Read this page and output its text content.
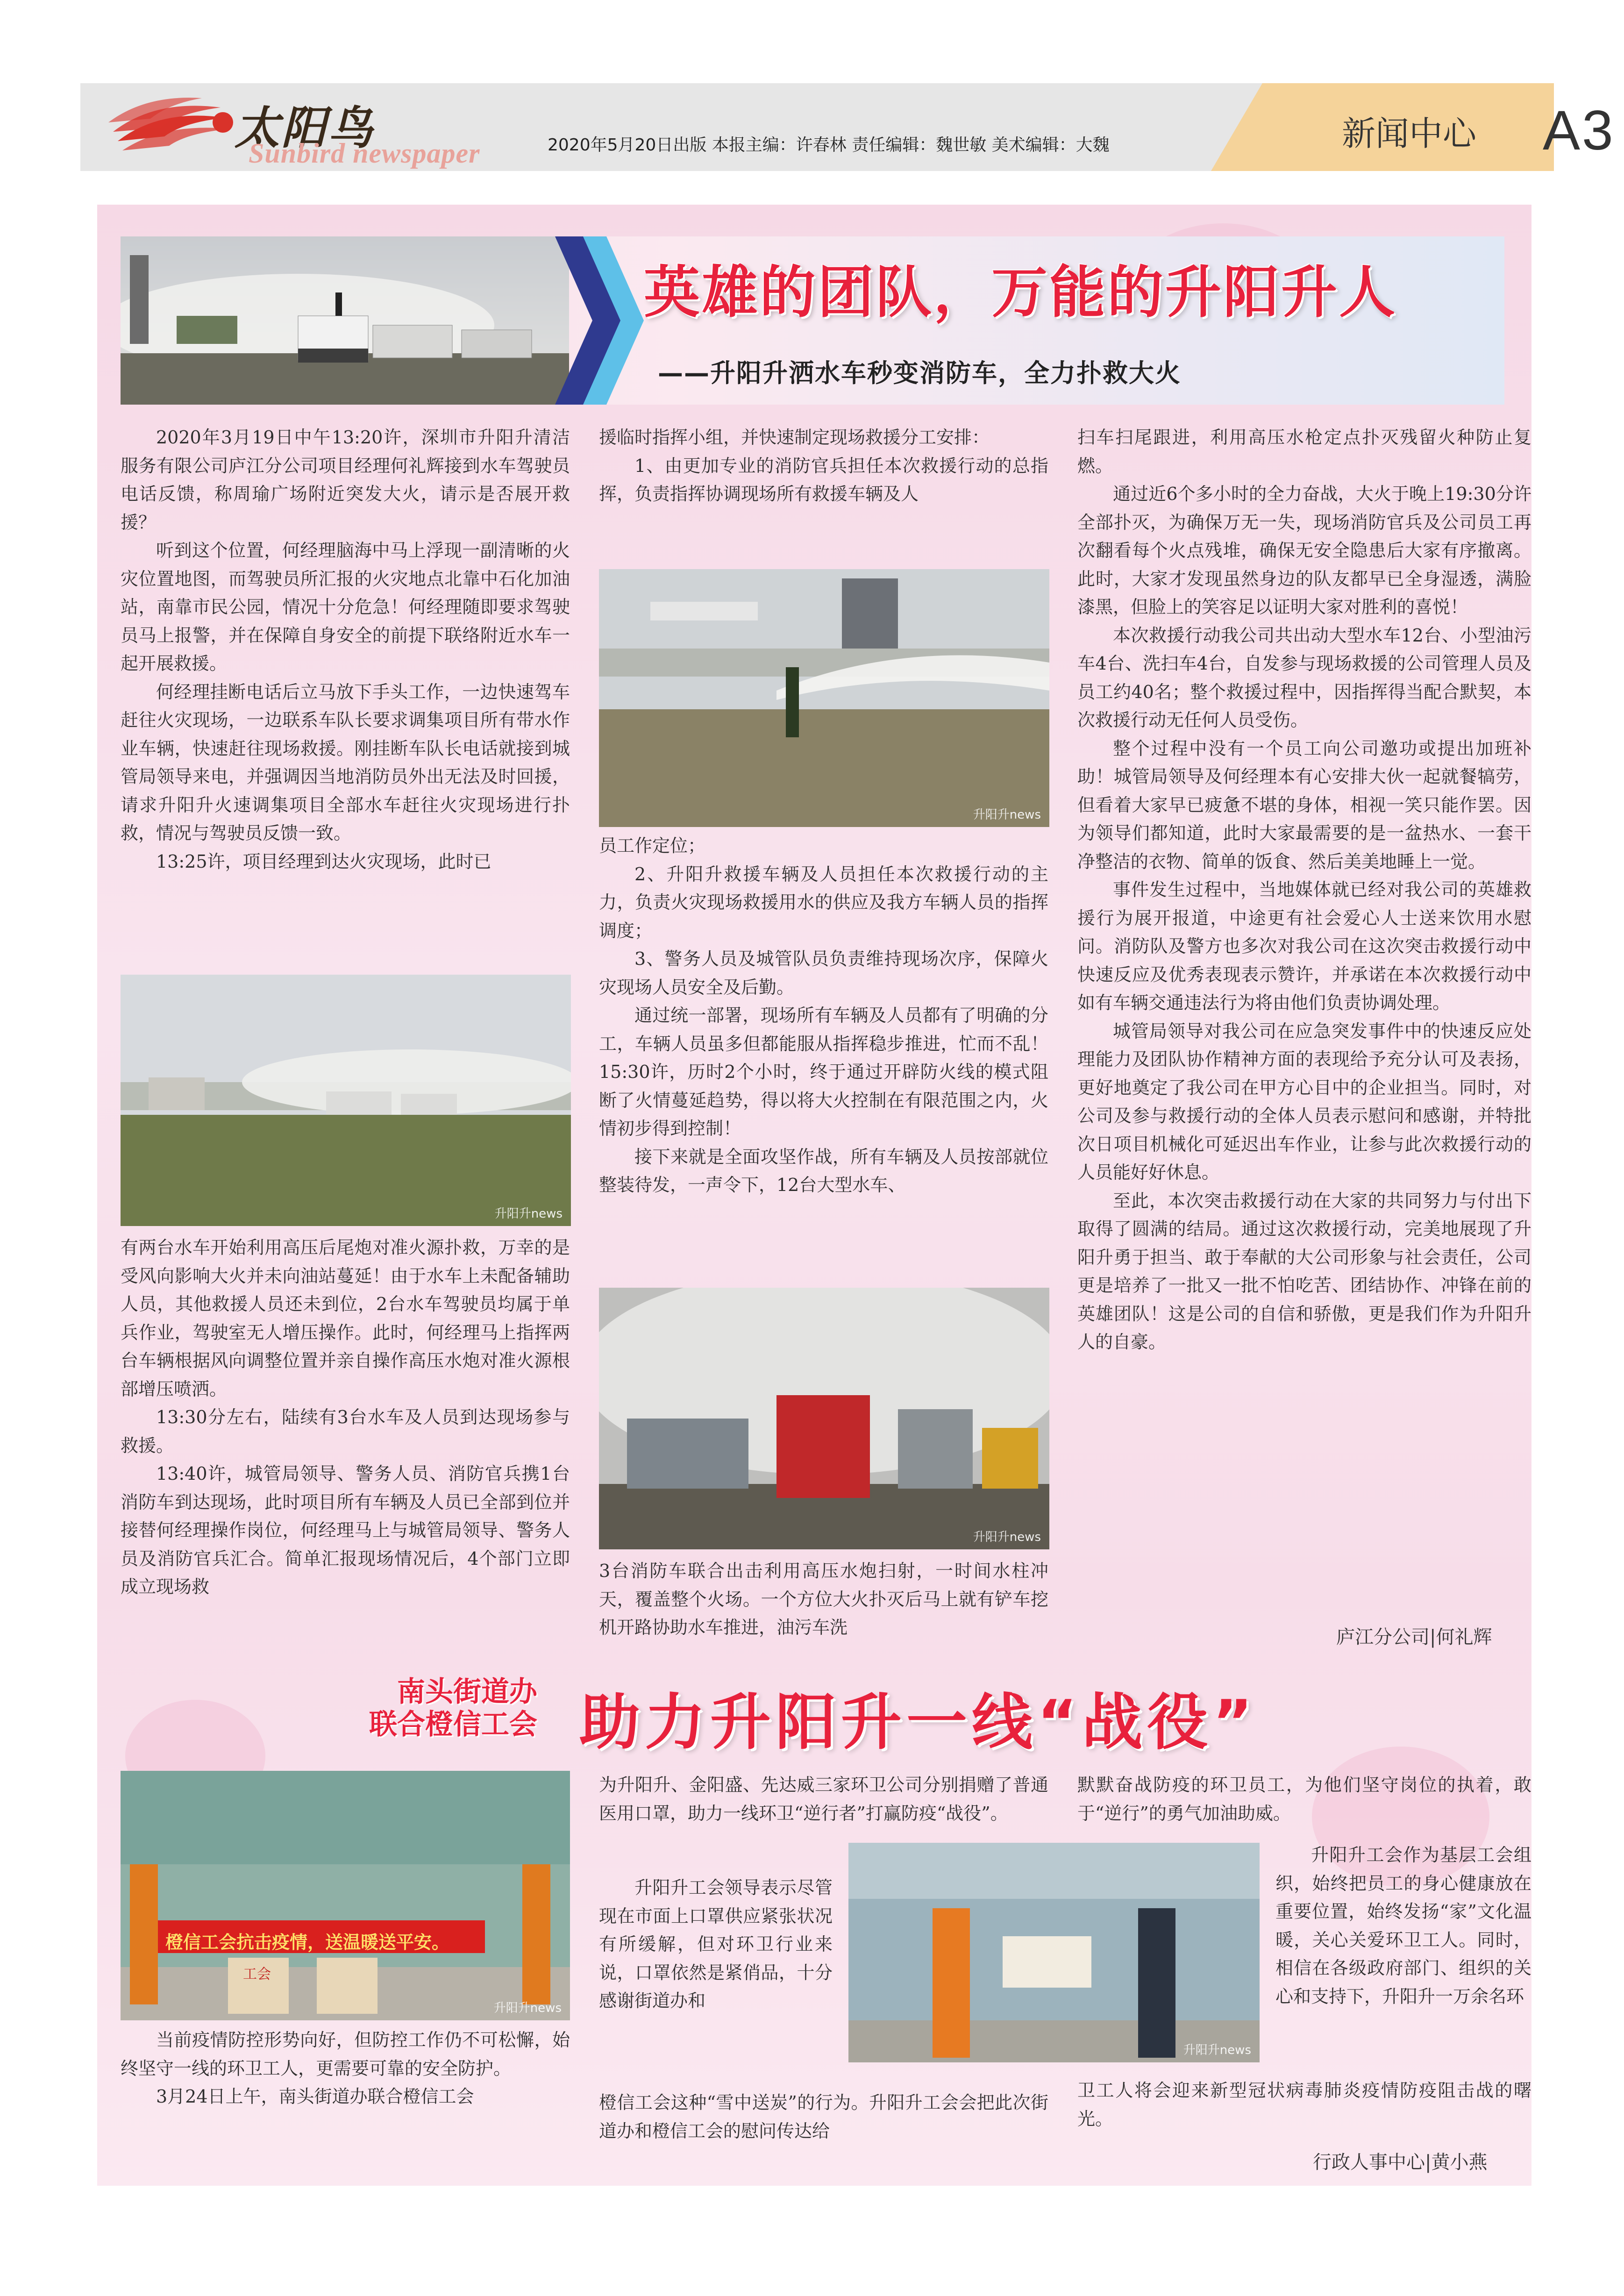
太阳鸟
Sunbird newspaper	2020年5月20日出版 本报主编：许春林 责任编辑：魏世敏 美术编辑：大魏	新闻中心 A3
英雄的团队，万能的升阳升人
——升阳升洒水车秒变消防车，全力扑救大火

2020年3月19日中午13:20许，深圳市升阳升清洁服务有限公司庐江分公司项目经理何礼辉接到水车驾驶员电话反馈，称周瑜广场附近突发大火，请示是否展开救援？

听到这个位置，何经理脑海中马上浮现一副清晰的火灾位置地图，而驾驶员所汇报的火灾地点北靠中石化加油站，南靠市民公园，情况十分危急！何经理随即要求驾驶员马上报警，并在保障自身安全的前提下联络附近水车一起开展救援。

何经理挂断电话后立马放下手头工作，一边快速驾车赶往火灾现场，一边联系车队长要求调集项目所有带水作业车辆，快速赶往现场救援。刚挂断车队长电话就接到城管局领导来电，并强调因当地消防员外出无法及时回援，请求升阳升火速调集项目全部水车赶往火灾现场进行扑救，情况与驾驶员反馈一致。

13:25许，项目经理到达火灾现场，此时已

升阳升news

有两台水车开始利用高压后尾炮对准火源扑救，万幸的是受风向影响大火并未向油站蔓延！由于水车上未配备辅助人员，其他救援人员还未到位，2台水车驾驶员均属于单兵作业，驾驶室无人增压操作。此时，何经理马上指挥两台车辆根据风向调整位置并亲自操作高压水炮对准火源根部增压喷洒。

13:30分左右，陆续有3台水车及人员到达现场参与救援。

13:40许，城管局领导、警务人员、消防官兵携1台消防车到达现场，此时项目所有车辆及人员已全部到位并接替何经理操作岗位，何经理马上与城管局领导、警务人员及消防官兵汇合。简单汇报现场情况后，4个部门立即成立现场救

援临时指挥小组，并快速制定现场救援分工安排：

1、由更加专业的消防官兵担任本次救援行动的总指挥，负责指挥协调现场所有救援车辆及人

升阳升news

员工作定位；

2、升阳升救援车辆及人员担任本次救援行动的主力，负责火灾现场救援用水的供应及我方车辆人员的指挥调度；

3、警务人员及城管队员负责维持现场次序，保障火灾现场人员安全及后勤。

通过统一部署，现场所有车辆及人员都有了明确的分工，车辆人员虽多但都能服从指挥稳步推进，忙而不乱！15:30许，历时2个小时，终于通过开辟防火线的模式阻断了火情蔓延趋势，得以将大火控制在有限范围之内，火情初步得到控制！

接下来就是全面攻坚作战，所有车辆及人员按部就位整装待发，一声令下，12台大型水车、

升阳升news

3台消防车联合出击利用高压水炮扫射，一时间水柱冲天，覆盖整个火场。一个方位大火扑灭后马上就有铲车挖机开路协助水车推进，油污车洗

扫车扫尾跟进，利用高压水枪定点扑灭残留火种防止复燃。

通过近6个多小时的全力奋战，大火于晚上19:30分许全部扑灭，为确保万无一失，现场消防官兵及公司员工再次翻看每个火点残堆，确保无安全隐患后大家有序撤离。此时，大家才发现虽然身边的队友都早已全身湿透，满脸漆黑，但脸上的笑容足以证明大家对胜利的喜悦！

本次救援行动我公司共出动大型水车12台、小型油污车4台、洗扫车4台，自发参与现场救援的公司管理人员及员工约40名；整个救援过程中，因指挥得当配合默契，本次救援行动无任何人员受伤。

整个过程中没有一个员工向公司邀功或提出加班补助！城管局领导及何经理本有心安排大伙一起就餐犒劳，但看着大家早已疲惫不堪的身体，相视一笑只能作罢。因为领导们都知道，此时大家最需要的是一盆热水、一套干净整洁的衣物、简单的饭食、然后美美地睡上一觉。

事件发生过程中，当地媒体就已经对我公司的英雄救援行为展开报道，中途更有社会爱心人士送来饮用水慰问。消防队及警方也多次对我公司在这次突击救援行动中快速反应及优秀表现表示赞许，并承诺在本次救援行动中如有车辆交通违法行为将由他们负责协调处理。

城管局领导对我公司在应急突发事件中的快速反应处理能力及团队协作精神方面的表现给予充分认可及表扬，更好地奠定了我公司在甲方心目中的企业担当。同时，对公司及参与救援行动的全体人员表示慰问和感谢，并特批次日项目机械化可延迟出车作业，让参与此次救援行动的人员能好好休息。

至此，本次突击救援行动在大家的共同努力与付出下取得了圆满的结局。通过这次救援行动，完美地展现了升阳升勇于担当、敢于奉献的大公司形象与社会责任，公司更是培养了一批又一批不怕吃苦、团结协作、冲锋在前的英雄团队！这是公司的自信和骄傲，更是我们作为升阳升人的自豪。

庐江分公司|何礼辉
南头街道办
联合橙信工会 助力升阳升一线“战役”
橙信工会抗击疫情，送温暖送平安。
工会
升阳升news

当前疫情防控形势向好，但防控工作仍不可松懈，始终坚守一线的环卫工人，更需要可靠的安全防护。

3月24日上午，南头街道办联合橙信工会

为升阳升、金阳盛、先达威三家环卫公司分别捐赠了普通医用口罩，助力一线环卫“逆行者”打赢防疫“战役”。

升阳升工会领导表示尽管现在市面上口罩供应紧张状况有所缓解，但对环卫行业来说，口罩依然是紧俏品，十分感谢街道办和

升阳升news

橙信工会这种“雪中送炭”的行为。升阳升工会会把此次街道办和橙信工会的慰问传达给

默默奋战防疫的环卫员工，为他们坚守岗位的执着，敢于“逆行”的勇气加油助威。

升阳升工会作为基层工会组织，始终把员工的身心健康放在重要位置，始终发扬“家”文化温暖，关心关爱环卫工人。同时，相信在各级政府部门、组织的关心和支持下，升阳升一万余名环

卫工人将会迎来新型冠状病毒肺炎疫情防疫阻击战的曙光。

行政人事中心|黄小燕
